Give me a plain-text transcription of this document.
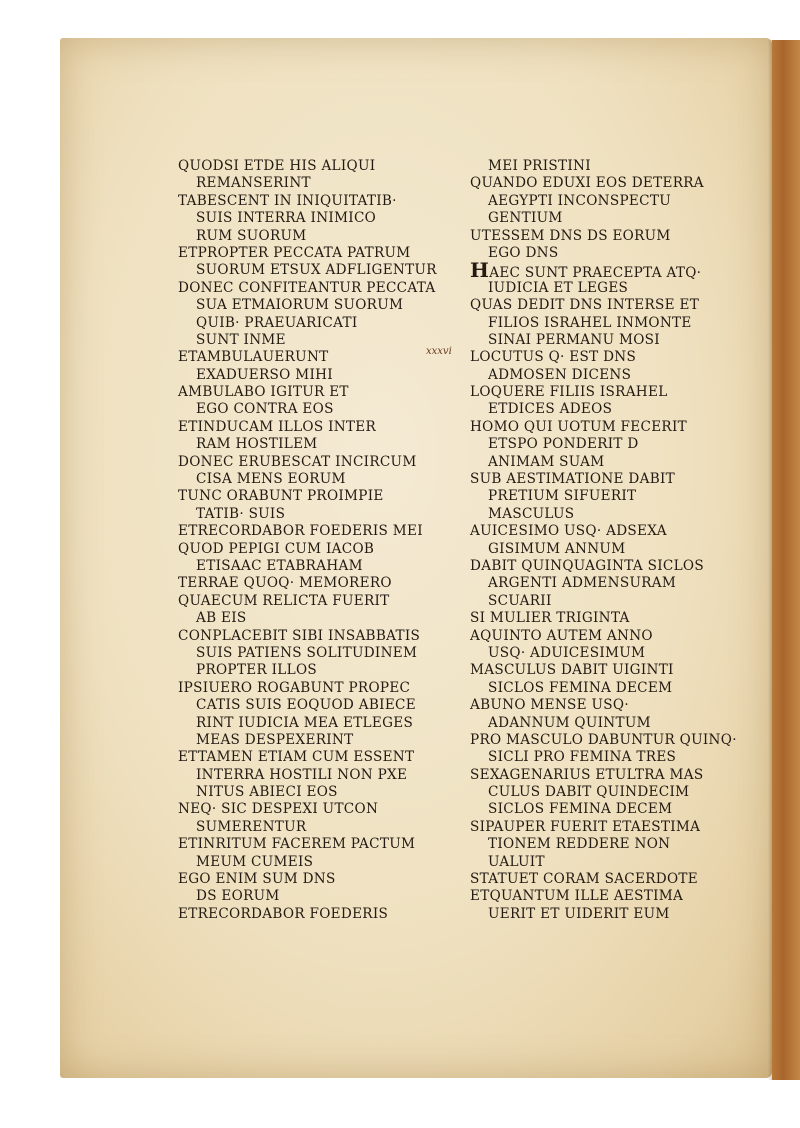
QUODSI ETDE HIS ALIQUI
REMANSERINT
TABESCENT IN INIQUITATIB·
SUIS INTERRA INIMICO
RUM SUORUM
ETPROPTER PECCATA PATRUM
SUORUM ETSUX ADFLIGENTUR
DONEC CONFITEANTUR PECCATA
SUA ETMAIORUM SUORUM
QUIB· PRAEUARICATI
SUNT INME
ETAMBULAUERUNT
EXADUERSO MIHI
AMBULABO IGITUR ET
EGO CONTRA EOS
ETINDUCAM ILLOS INTER
RAM HOSTILEM
DONEC ERUBESCAT INCIRCUM
CISA MENS EORUM
TUNC ORABUNT PROIMPIE
TATIB· SUIS
ETRECORDABOR FOEDERIS MEI
QUOD PEPIGI CUM IACOB
ETISAAC ETABRAHAM
TERRAE QUOQ· MEMORERO
QUAECUM RELICTA FUERIT
AB EIS
CONPLACEBIT SIBI INSABBATIS
SUIS PATIENS SOLITUDINEM
PROPTER ILLOS
IPSIUERO ROGABUNT PROPEC
CATIS SUIS EOQUOD ABIECE
RINT IUDICIA MEA ETLEGES
MEAS DESPEXERINT
ETTAMEN ETIAM CUM ESSENT
INTERRA HOSTILI NON PXE
NITUS ABIECI EOS
NEQ· SIC DESPEXI UTCON
SUMERENTUR
ETINRITUM FACEREM PACTUM
MEUM CUMEIS
EGO ENIM SUM DNS
DS EORUM
ETRECORDABOR FOEDERIS
MEI PRISTINI
QUANDO EDUXI EOS DETERRA
AEGYPTI INCONSPECTU
GENTIUM
UTESSEM DNS DS EORUM
EGO DNS
HAEC SUNT PRAECEPTA ATQ·
IUDICIA ET LEGES
QUAS DEDIT DNS INTERSE ET
FILIOS ISRAHEL INMONTE
SINAI PERMANU MOSI
LOCUTUS Q· EST DNS
ADMOSEN DICENS
LOQUERE FILIIS ISRAHEL
ETDICES ADEOS
HOMO QUI UOTUM FECERIT
ETSPO PONDERIT D
ANIMAM SUAM
SUB AESTIMATIONE DABIT
PRETIUM SIFUERIT
MASCULUS
AUICESIMO USQ· ADSEXA
GISIMUM ANNUM
DABIT QUINQUAGINTA SICLOS
ARGENTI ADMENSURAM
SCUARII
SI MULIER TRIGINTA
AQUINTO AUTEM ANNO
USQ· ADUICESIMUM
MASCULUS DABIT UIGINTI
SICLOS FEMINA DECEM
ABUNO MENSE USQ·
ADANNUM QUINTUM
PRO MASCULO DABUNTUR QUINQ·
SICLI PRO FEMINA TRES
SEXAGENARIUS ETULTRA MAS
CULUS DABIT QUINDECIM
SICLOS FEMINA DECEM
SIPAUPER FUERIT ETAESTIMA
TIONEM REDDERE NON
UALUIT
STATUET CORAM SACERDOTE
ETQUANTUM ILLE AESTIMA
UERIT ET UIDERIT EUM
xxxvi
